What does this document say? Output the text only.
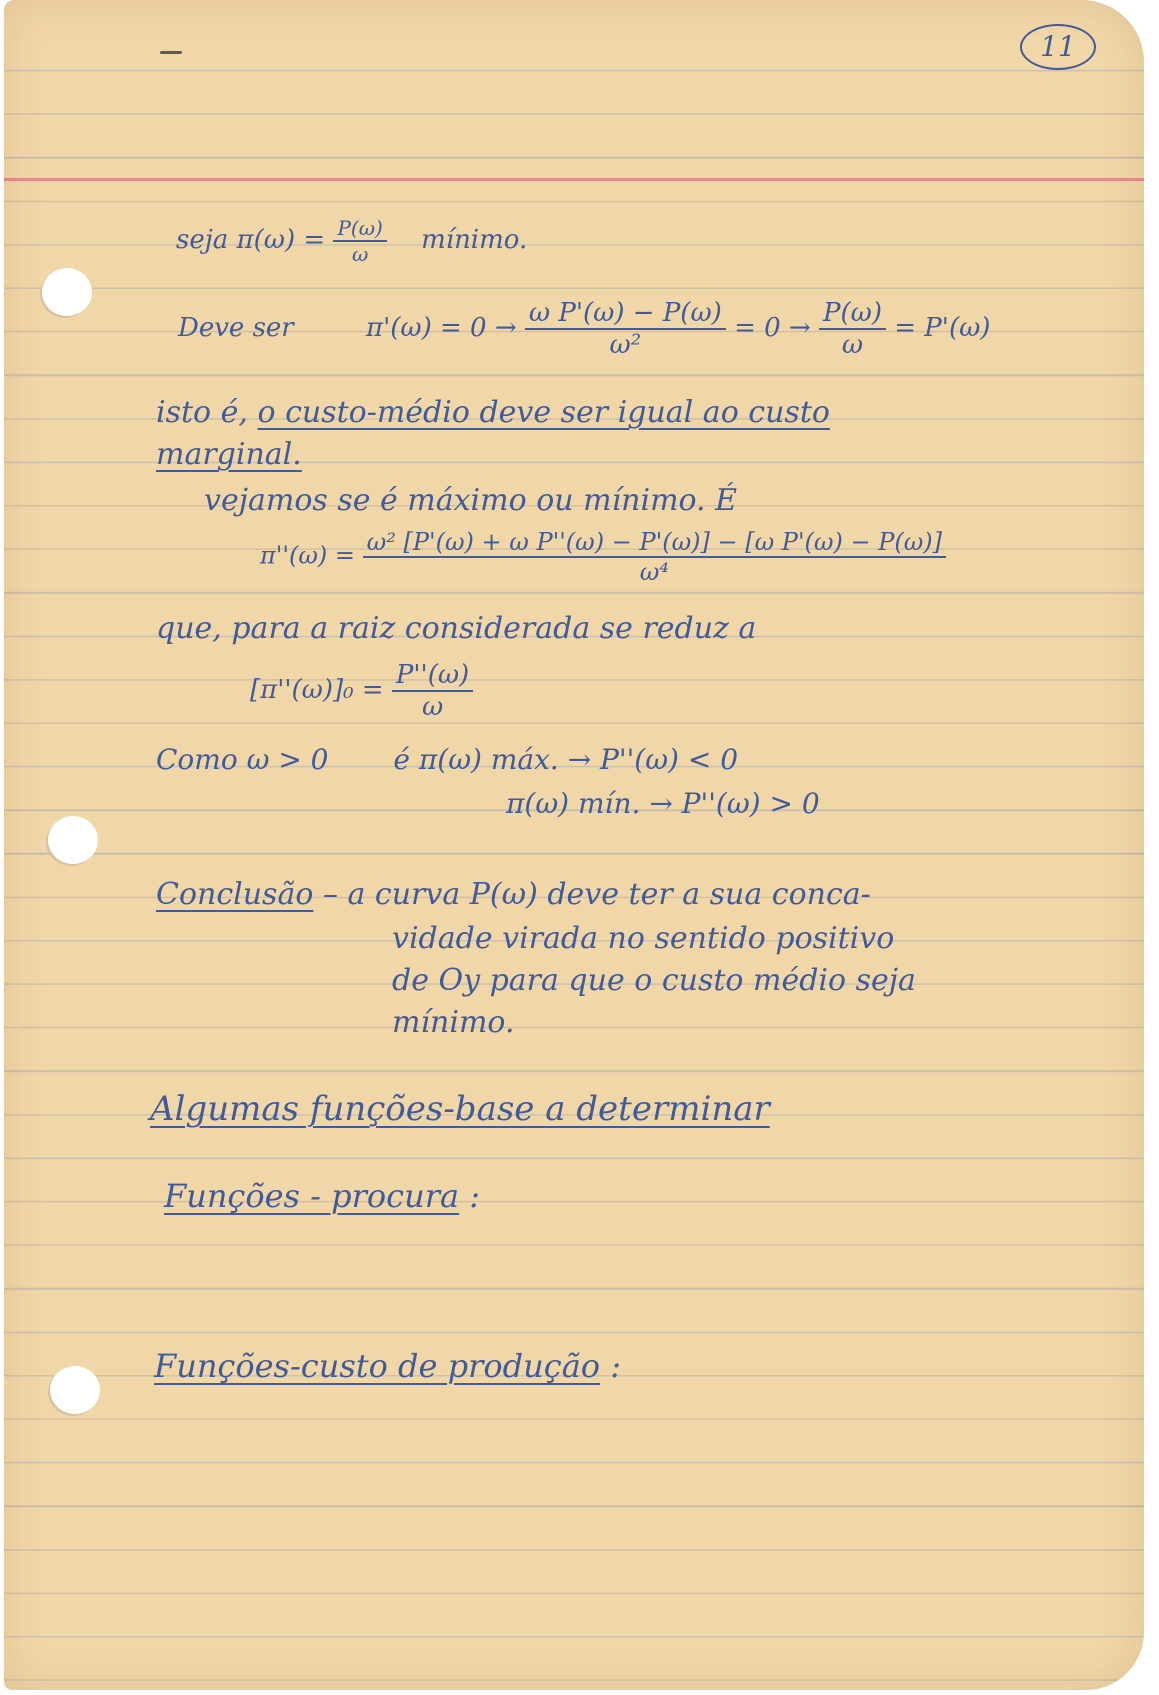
11
seja $\pi(\omega) = \frac{P(\omega)}{\omega}$ mínimo.
Deve ser	$\pi'(\omega) = 0 \to \frac{\text{ω P'(ω) − P(ω)}}{\text{ω²}} = 0 \to \frac{P(\omega)}{\omega} = P'(\omega)$
isto é, o custo-médio deve ser igual ao custo
marginal.
vejamos se é máximo ou mínimo. É
$\pi''(\omega) = \frac{\text{ω² [P'(ω) + ω P''(ω) − P'(ω)] − [ω P'(ω) − P(ω)]}}{\text{ω⁴}}$
que, para a raiz considerada se reduz a
$[\pi''(\omega)]_0 = \frac{P''(\omega)}{\omega}$
Como ω > 0 é π(ω) máx. → P''(ω) < 0
π(ω) mín. → P''(ω) > 0
Conclusão – a curva P(ω) deve ter a sua conca-
vidade virada no sentido positivo
de Oy para que o custo médio seja
mínimo.
Algumas funções-base a determinar
Funções - procura :
Funções-custo de produção :
